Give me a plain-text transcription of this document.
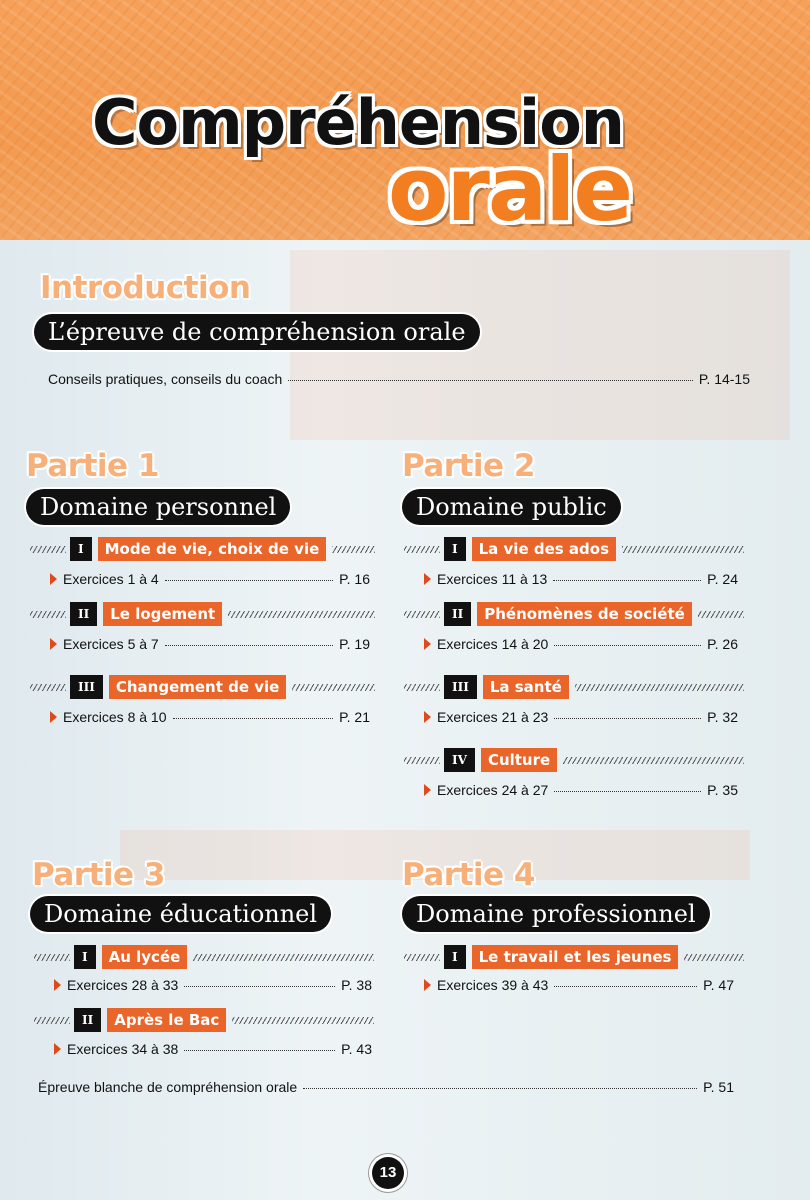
Compréhension
orale
Introduction
L’épreuve de compréhension orale
Conseils pratiques, conseils du coach	P. 14-15
Partie 1
Domaine personnel
I	Mode de vie, choix de vie
Exercices 1 à 4	P. 16
II	Le logement
Exercices 5 à 7	P. 19
III	Changement de vie
Exercices 8 à 10	P. 21
Partie 2
Domaine public
I	La vie des ados
Exercices 11 à 13	P. 24
II	Phénomènes de société
Exercices 14 à 20	P. 26
III	La santé
Exercices 21 à 23	P. 32
IV	Culture
Exercices 24 à 27	P. 35
Partie 3
Domaine éducationnel
I	Au lycée
Exercices 28 à 33	P. 38
II	Après le Bac
Exercices 34 à 38	P. 43
Partie 4
Domaine professionnel
I	Le travail et les jeunes
Exercices 39 à 43	P. 47
Épreuve blanche de compréhension orale	P. 51
13
